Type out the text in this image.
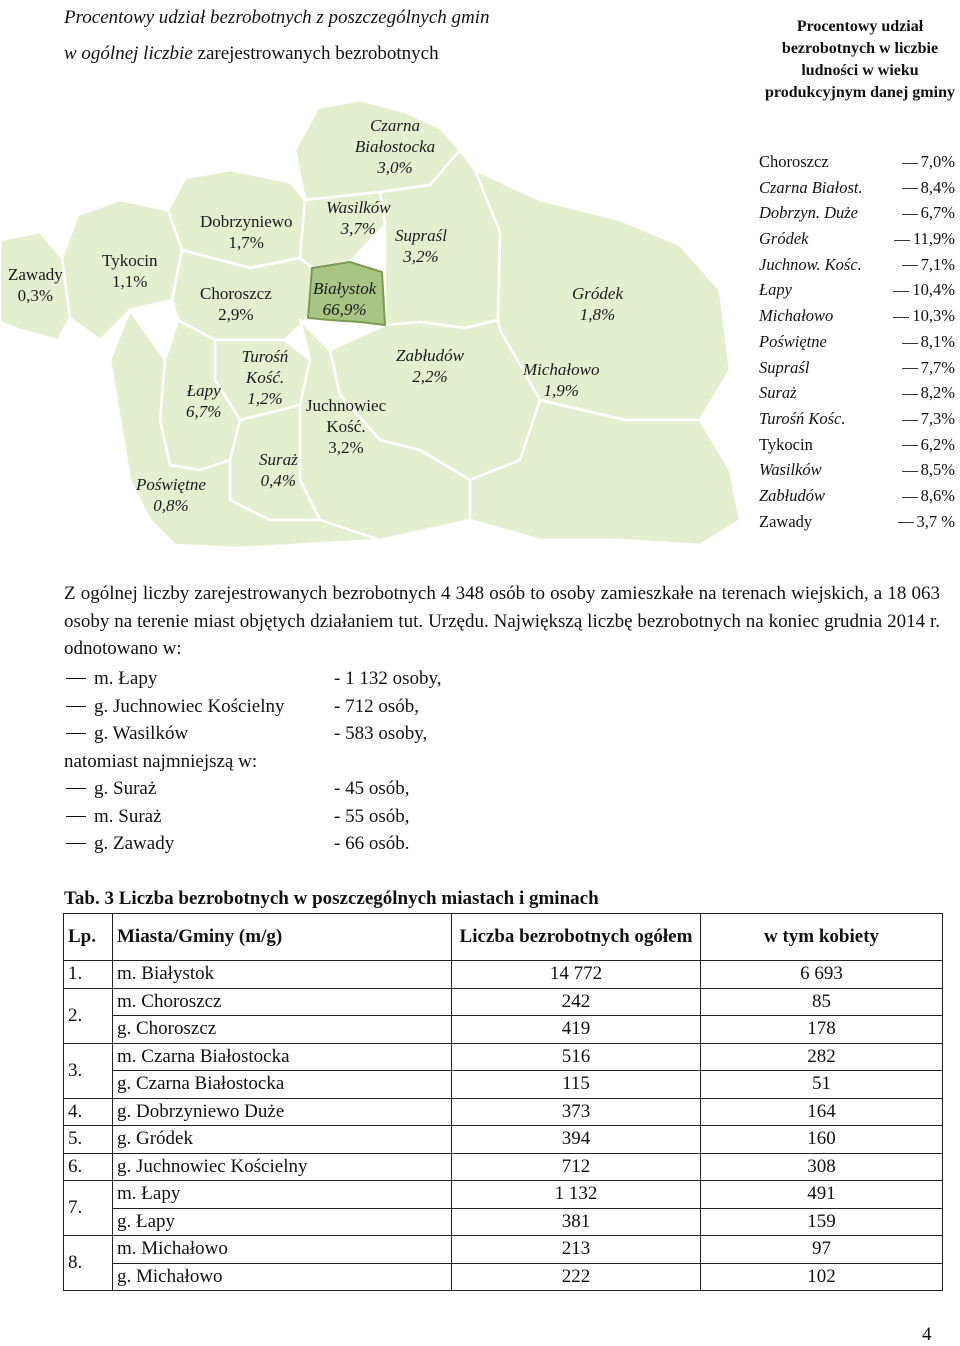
Procentowy udział bezrobotnych z poszczególnych gmin
w ogólnej liczbie zarejestrowanych bezrobotnych
Zawady
0,3%
Tykocin
1,1%
Dobrzyniewo
1,7%
Czarna Białostocka
3,0%
Wasilków
3,7%	Supraśl
3,2%
Choroszcz
2,9%
Białystok
66,9%
Gródek
1,8%
Turośń Kość.
1,2%
Zabłudów
2,2%	Michałowo
1,9%
Łapy
6,7%	Juchnowiec Kość.
3,2%
Suraż
0,4%
Poświętne
0,8%
Procentowy udział bezrobotnych w liczbie ludności w wieku produkcyjnym danej gminy
Choroszcz	7,0%
Czarna Białost.	8,4%
Dobrzyn. Duże	6,7%
Gródek	11,9%
Juchnow. Kośc.	7,1%
Łapy	10,4%
Michałowo	10,3%
Poświętne	8,1%
Supraśl	7,7%
Suraż	8,2%
Turośń Kośc.	7,3%
Tykocin	6,2%
Wasilków	8,5%
Zabłudów	8,6%
Zawady	3,7 %
Z ogólnej liczby zarejestrowanych bezrobotnych 4 348 osób to osoby zamieszkałe na terenach wiejskich, a 18 063 osoby na terenie miast objętych działaniem tut. Urzędu. Największą liczbę bezrobotnych na koniec grudnia 2014 r. odnotowano w:
m. Łapy	- 1 132 osoby,
g. Juchnowiec Kościelny	- 712 osób,
g. Wasilków	- 583 osoby,
natomiast najmniejszą w:
g. Suraż	- 45 osób,
m. Suraż	- 55 osób,
g. Zawady	- 66 osób.
Tab. 3 Liczba bezrobotnych w poszczególnych miastach i gminach
Lp.	Miasta/Gminy (m/g)	Liczba bezrobotnych ogółem	w tym kobiety
1.	m. Białystok	14 772	6 693
2.	m. Choroszcz	242	85
	g. Choroszcz	419	178
3.	m. Czarna Białostocka	516	282
	g. Czarna Białostocka	115	51
4.	g. Dobrzyniewo Duże	373	164
5.	g. Gródek	394	160
6.	g. Juchnowiec Kościelny	712	308
7.	m. Łapy	1 132	491
	g. Łapy	381	159
8.	m. Michałowo	213	97
	g. Michałowo	222	102
4
